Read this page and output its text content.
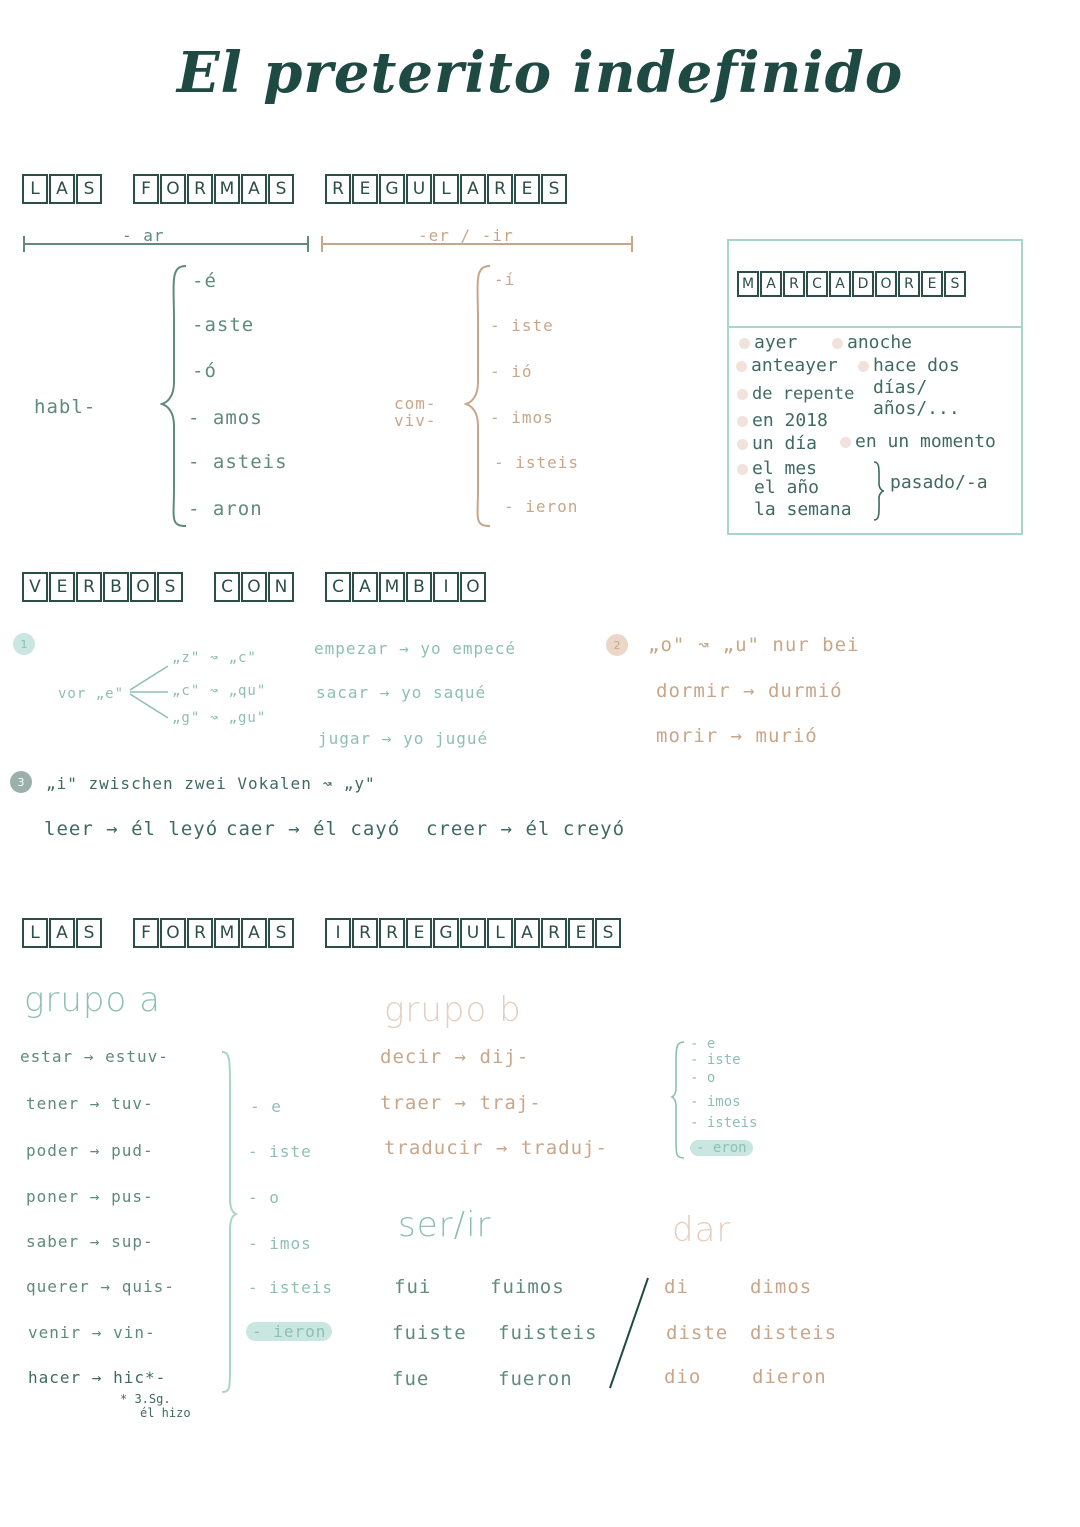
El preterito indefinido
L A S	F O R M A S	R E G U L A R E S
- ar	-er / -ir
habl-
-é
-aste
-ó
- amos
- asteis
- aron
com-
viv-
-í
- iste
- ió
- imos
- isteis
- ieron
M A R C A D O R E	S
ayer	anoche
anteayer	hace dos
días/
años/...
de repente
en 2018
un día	en un momento
el mes
el año
la semana
pasado/-a
V E R B O S	C O N	C A M B	I	O
1
vor „e"
„z" ↝ „c"
„c" ↝ „qu"
„g" ↝ „gu"
empezar → yo empecé
sacar → yo saqué
jugar → yo jugué
2	„o" ↝ „u" nur bei
dormir → durmió
morir → murió
3	„i" zwischen zwei Vokalen ↝ „y"
leer → él leyó caer → él cayó creer → él creyó
L A S	F O R M A S	I	R R E G U L A R E S
grupo a
estar → estuv-
tener → tuv-
poder → pud-
poner → pus-
saber → sup-
querer → quis-
venir → vin-
hacer → hic*-
* 3.Sg.
él hizo
- e
- iste
- o
- imos
- isteis
- ieron
grupo b
decir → dij-
traer → traj-
traducir → traduj-
- e
- iste
- o
- imos
- isteis
- eron
ser/ir	dar
fui	fuimos
fuiste fuisteis
fue	fueron
di	dimos
diste disteis
dio	dieron
